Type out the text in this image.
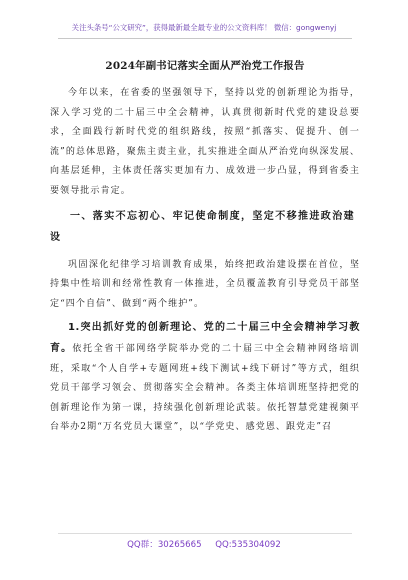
关注头条号“公文研究”，获得最新最全最专业的公文资料库！ 微信：gongwenyj
2024年副书记落实全面从严治党工作报告

今年以来，在省委的坚强领导下，坚持以党的创新理论为指导，深入学习党的二十届三中全会精神，认真贯彻新时代党的建设总要求，全面践行新时代党的组织路线，按照“抓落实、促提升、创一流”的总体思路，聚焦主责主业，扎实推进全面从严治党向纵深发展、向基层延伸，主体责任落实更加有力、成效进一步凸显，得到省委主要领导批示肯定。

一、落实不忘初心、牢记使命制度，坚定不移推进政治建设

巩固深化纪律学习培训教育成果，始终把政治建设摆在首位，坚持集中性培训和经常性教育一体推进，全员覆盖教育引导党员干部坚定“四个自信”、做到“两个维护”。

1.突出抓好党的创新理论、党的二十届三中全会精神学习教育。依托全省干部网络学院举办党的二十届三中全会精神网络培训班，采取“个人自学+专题网班+线下测试+线下研讨”等方式，组织党员干部学习领会、贯彻落实全会精神。各类主体培训班坚持把党的创新理论作为第一课，持续强化创新理论武装。依托智慧党建视频平台举办2期“万名党员大课堂”，以“学党史、感党恩、跟党走”召

QQ群：30265665     QQ:535304092
